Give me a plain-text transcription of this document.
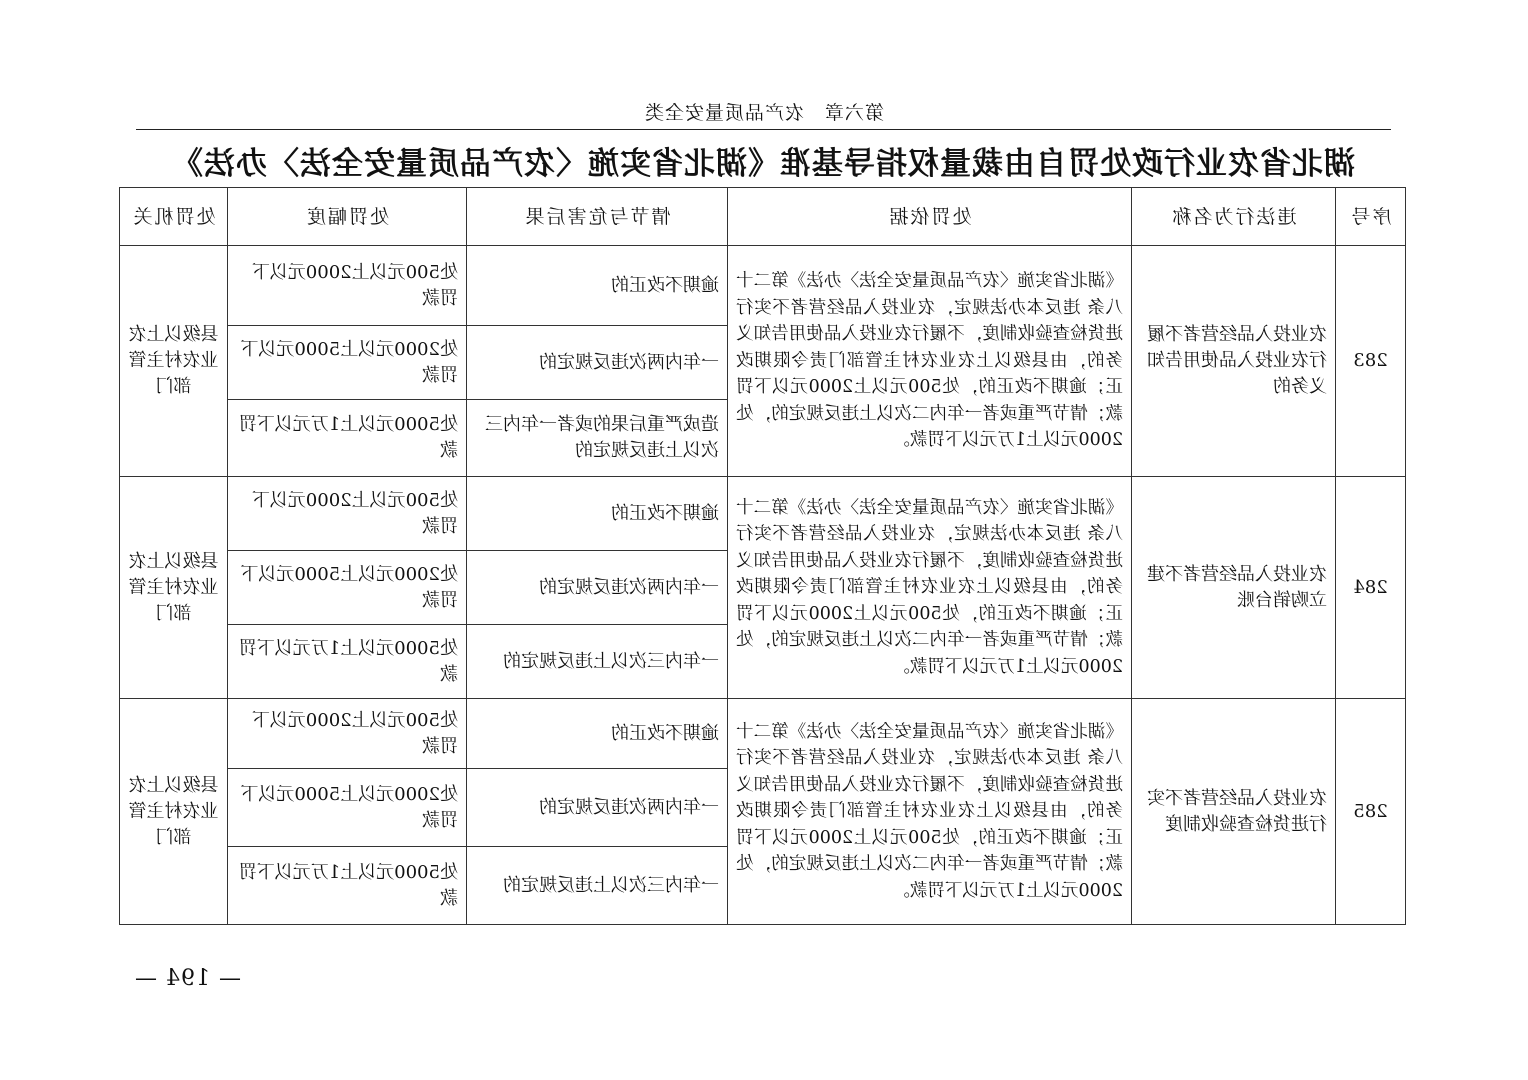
第六章　农产品质量安全类
湖北省农业行政处罚自由裁量权指导基准《湖北省实施〈农产品质量安全法〉办法》
序号	违法行为名称	处罚依据	情节与危害后果	处罚幅度	处罚机关
283	农业投入品经营者不履行农业投入品使用告知义务的	《湖北省实施〈农产品质量安全法〉办法》第二十八条 违反本办法规定，农业投入品经营者不实行进货检查验收制度，不履行农业投入品使用告知义务的，由县级以上农业农村主管部门责令限期改正；逾期不改正的，处500元以上2000元以下罚款；情节严重或者一年内二次以上违反规定的，处2000元以上1万元以下罚款。	逾期不改正的	处500元以上2000元以下罚款	县级以上农业农村主管部门
			一年内两次违反规定的	处2000元以上5000元以下罚款	
			造成严重后果的或者一年内三次以上违反规定的	处5000元以上1万元以下罚款	
284	农业投入品经营者不建立购销台账	《湖北省实施〈农产品质量安全法〉办法》第二十八条 违反本办法规定，农业投入品经营者不实行进货检查验收制度，不履行农业投入品使用告知义务的，由县级以上农业农村主管部门责令限期改正；逾期不改正的，处500元以上2000元以下罚款；情节严重或者一年内二次以上违反规定的，处2000元以上1万元以下罚款。	逾期不改正的	处500元以上2000元以下罚款	县级以上农业农村主管部门
			一年内两次违反规定的	处2000元以上5000元以下罚款	
			一年内三次以上违反规定的	处5000元以上1万元以下罚款	
285	农业投入品经营者不实行进货检查验收制度	《湖北省实施〈农产品质量安全法〉办法》第二十八条 违反本办法规定，农业投入品经营者不实行进货检查验收制度，不履行农业投入品使用告知义务的，由县级以上农业农村主管部门责令限期改正；逾期不改正的，处500元以上2000元以下罚款；情节严重或者一年内二次以上违反规定的，处2000元以上1万元以下罚款。	逾期不改正的	处500元以上2000元以下罚款	县级以上农业农村主管部门
			一年内两次违反规定的	处2000元以上5000元以下罚款	
			一年内三次以上违反规定的	处5000元以上1万元以下罚款	
— 194 —
